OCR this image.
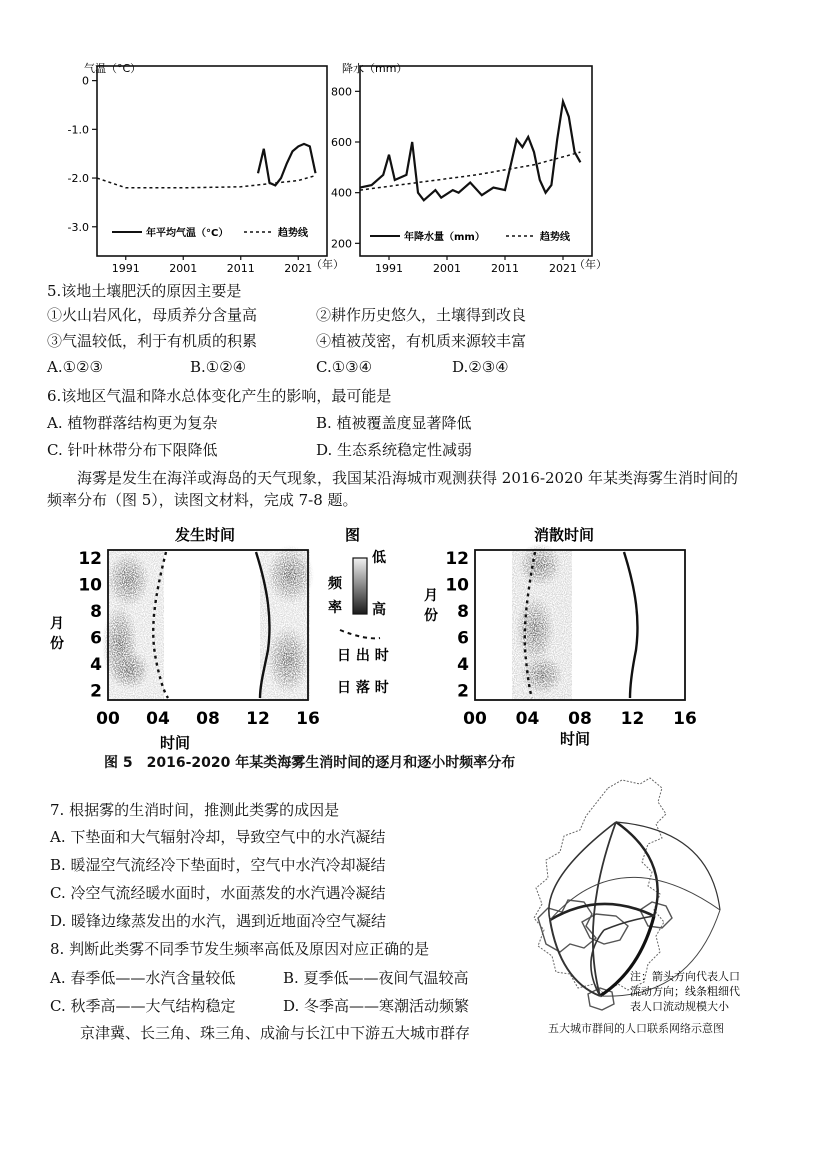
气温（°C）
0
-1.0
-2.0
-3.0
1991	2001	2011	2021
年平均气温（°C）	趋势线
（年）
降水（mm）
800
600
400
200
1991	2001	2011	2021
年降水量（mm）	趋势线
（年）
5.该地土壤肥沃的原因主要是
①火山岩风化，母质养分含量高	②耕作历史悠久，土壤得到改良
③气温较低，利于有机质的积累	④植被茂密，有机质来源较丰富
A.①②③	B.①②④	C.①③④	D.②③④
6.该地区气温和降水总体变化产生的影响，最可能是
A. 植物群落结构更为复杂	B. 植被覆盖度显著降低
C. 针叶林带分布下限降低	D. 生态系统稳定性减弱
海雾是发生在海洋或海岛的天气现象，我国某沿海城市观测获得 2016-2020 年某类海雾生消时间的
频率分布（图 5），读图文材料，完成 7-8 题。
发生时间
月
份
12
10
8
6
4
2
00 04 08 12 16
时间
图
低
频
率 高
日 出 时
日 落 时
消散时间
月
份
12
10
8
6
4
2
00 04 08 12 16
时间
图 5　2016-2020 年某类海雾生消时间的逐月和逐小时频率分布
7. 根据雾的生消时间，推测此类雾的成因是
A. 下垫面和大气辐射冷却，导致空气中的水汽凝结
B. 暖湿空气流经冷下垫面时，空气中水汽冷却凝结
C. 冷空气流经暖水面时，水面蒸发的水汽遇冷凝结
D. 暖锋边缘蒸发出的水汽，遇到近地面冷空气凝结
8. 判断此类雾不同季节发生频率高低及原因对应正确的是
A. 春季低——水汽含量较低	B. 夏季低——夜间气温较高
C. 秋季高——大气结构稳定	D. 冬季高——寒潮活动频繁
京津冀、长三角、珠三角、成渝与长江中下游五大城市群存
注：箭头方向代表人口
流动方向；线条粗细代
表人口流动规模大小
五大城市群间的人口联系网络示意图
